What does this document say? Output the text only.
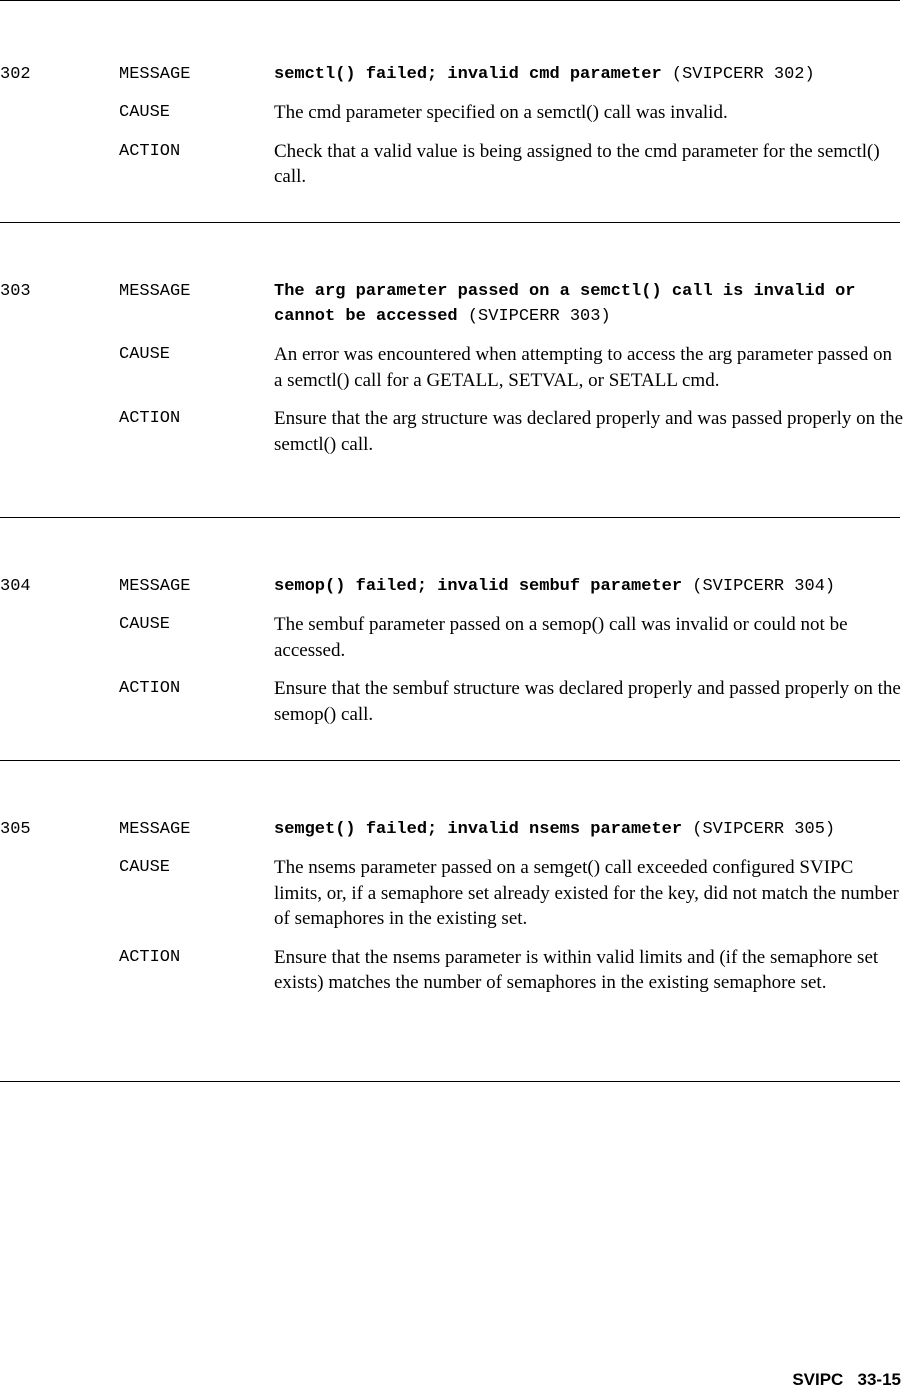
302	MESSAGE	semctl() failed; invalid cmd parameter (SVIPCERR 302)
CAUSE	The cmd parameter specified on a semctl() call was invalid.
ACTION	Check that a valid value is being assigned to the cmd parameter for the semctl() call.
303	MESSAGE	The arg parameter passed on a semctl() call is invalid or cannot be accessed (SVIPCERR 303)
CAUSE	An error was encountered when attempting to access the arg parameter passed on a semctl() call for a GETALL, SETVAL, or SETALL cmd.
ACTION	Ensure that the arg structure was declared properly and was passed properly on the semctl() call.
304	MESSAGE	semop() failed; invalid sembuf parameter (SVIPCERR 304)
CAUSE	The sembuf parameter passed on a semop() call was invalid or could not be accessed.
ACTION	Ensure that the sembuf structure was declared properly and passed properly on the semop() call.
305	MESSAGE	semget() failed; invalid nsems parameter (SVIPCERR 305)
CAUSE	The nsems parameter passed on a semget() call exceeded configured SVIPC limits, or, if a semaphore set already existed for the key, did not match the number of semaphores in the existing set.
ACTION	Ensure that the nsems parameter is within valid limits and (if the semaphore set exists) matches the number of semaphores in the existing semaphore set.
SVIPC 33-15
